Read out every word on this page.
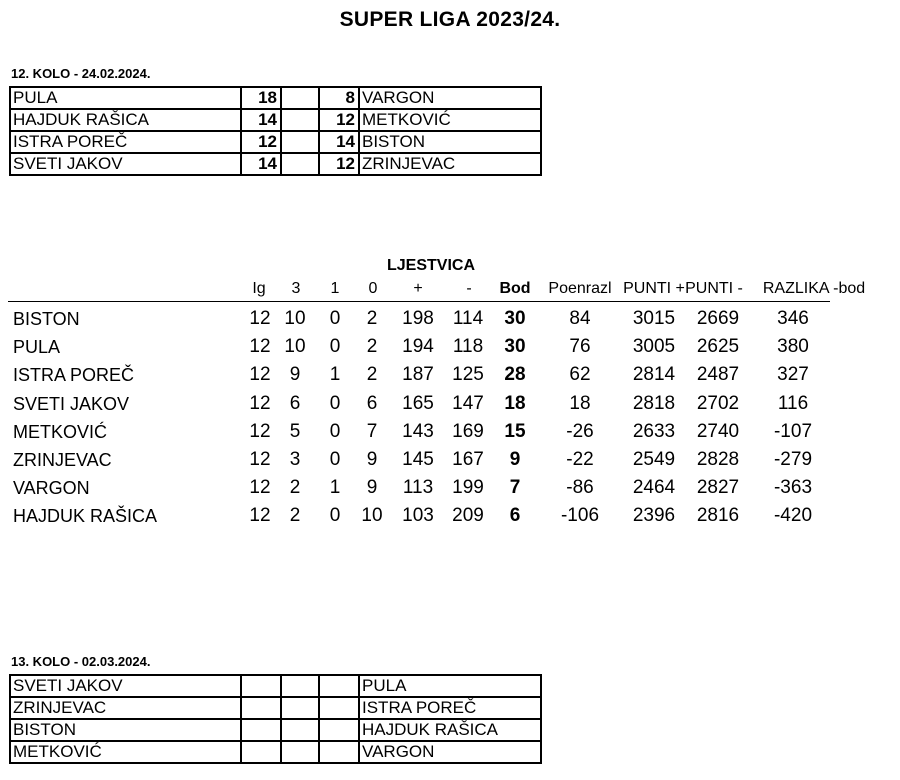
SUPER LIGA 2023/24.
12. KOLO - 24.02.2024.
PULA	18		8	VARGON
HAJDUK RAŠICA	14		12	METKOVIĆ
ISTRA POREČ	12		14	BISTON
SVETI JAKOV	14		12	ZRINJEVAC
LJESTVICA
Ig 3 1 0 +	- Bod Poenrazl PUNTI + PUNTI - RAZLIKA -bod
BISTON	12 10 0 2 198 114 30 84 3015 2669 346
PULA	12 10 0 2 194 118 30 76 3005 2625 380
ISTRA POREČ	12 9 1 2 187 125 28 62 2814 2487 327
SVETI JAKOV	12 6 0 6 165 147 18 18 2818 2702 116
METKOVIĆ	12 5 0 7 143 169 15 -26 2633 2740 -107
ZRINJEVAC	12 3 0 9 145 167 9 -22 2549 2828 -279
VARGON	12 2 1 9 113 199 7 -86 2464 2827 -363
HAJDUK RAŠICA	12 2 0 10 103 209 6 -106 2396 2816 -420
13. KOLO - 02.03.2024.
SVETI JAKOV				PULA
ZRINJEVAC				ISTRA POREČ
BISTON				HAJDUK RAŠICA
METKOVIĆ				VARGON
